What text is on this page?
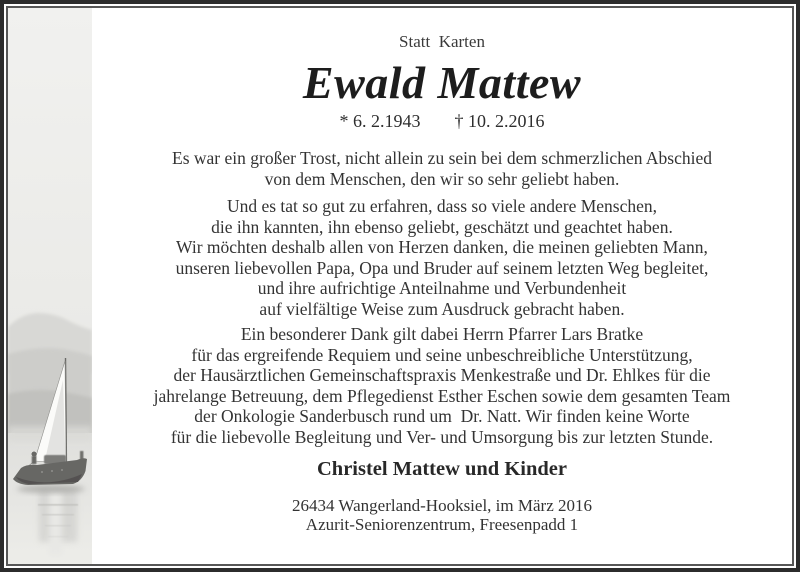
Statt  Karten
Ewald Mattew
* 6. 2.1943 † 10. 2.2016

Es war ein großer Trost, nicht allein zu sein bei dem schmerzlichen Abschied
von dem Menschen, den wir so sehr geliebt haben.

Und es tat so gut zu erfahren, dass so viele andere Menschen,
die ihn kannten, ihn ebenso geliebt, geschätzt und geachtet haben.

Wir möchten deshalb allen von Herzen danken, die meinen geliebten Mann,
unseren liebevollen Papa, Opa und Bruder auf seinem letzten Weg begleitet,
und ihre aufrichtige Anteilnahme und Verbundenheit
auf vielfältige Weise zum Ausdruck gebracht haben.

Ein besonderer Dank gilt dabei Herrn Pfarrer Lars Bratke
für das ergreifende Requiem und seine unbeschreibliche Unterstützung,
der Hausärztlichen Gemeinschaftspraxis Menkestraße und Dr. Ehlkes für die
jahrelange Betreuung, dem Pflegedienst Esther Eschen sowie dem gesamten Team
der Onkologie Sanderbusch rund um  Dr. Natt. Wir finden keine Worte
für die liebevolle Begleitung und Ver- und Umsorgung bis zur letzten Stunde.

Christel Mattew und Kinder
26434 Wangerland-Hooksiel, im März 2016
Azurit-Seniorenzentrum, Freesenpadd 1
